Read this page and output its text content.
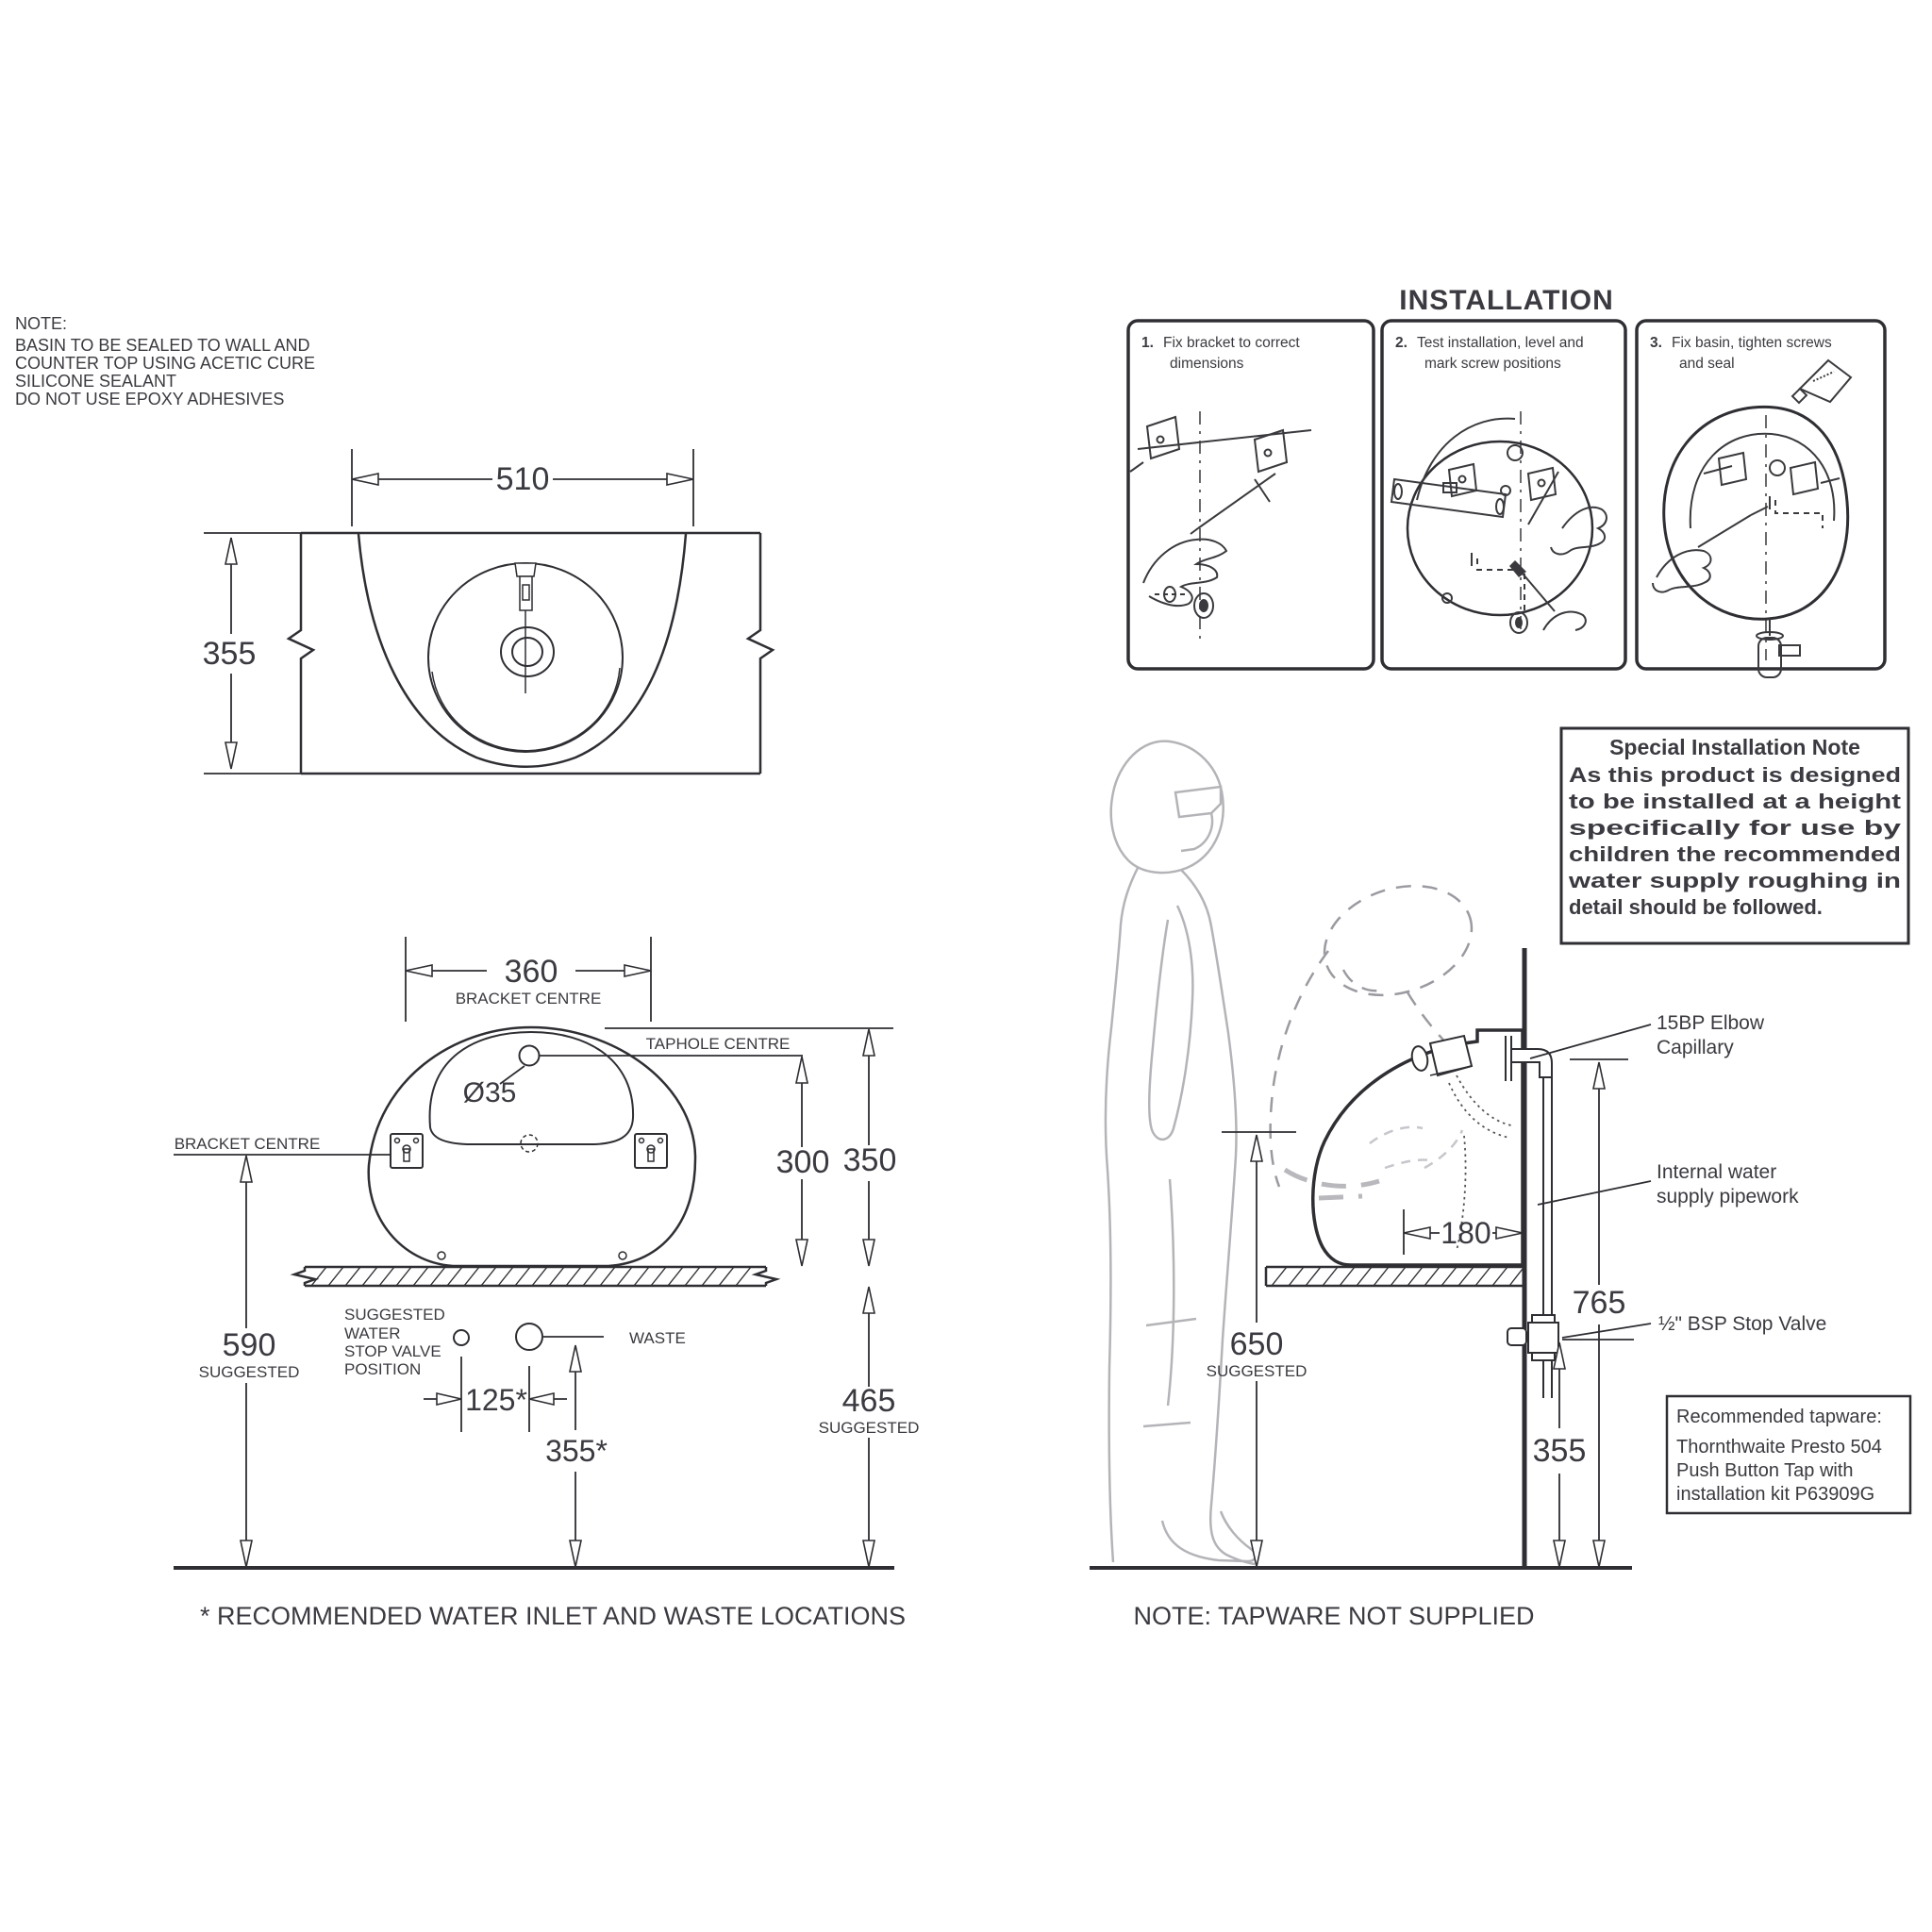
NOTE:
BASIN TO BE SEALED TO WALL AND
COUNTER TOP USING ACETIC CURE
SILICONE SEALANT
DO NOT USE EPOXY ADHESIVES
510
355
360
BRACKET CENTRE
TAPHOLE CENTRE
Ø35
BRACKET CENTRE
300 350
590
SUGGESTED
SUGGESTED
WATER
STOP VALVE
POSITION
WASTE
125*
355*
465
SUGGESTED
* RECOMMENDED WATER INLET AND WASTE LOCATIONS
INSTALLATION
1. Fix bracket to correct
dimensions
2. Test installation, level and
mark screw positions
3. Fix basin, tighten screws
and seal
Special Installation Note
As this product is designed
to be installed at a height
specifically for use by
children the recommended
water supply roughing in
detail should be followed.
180
650
SUGGESTED
765
355
15BP Elbow
Capillary
Internal water
supply pipework
½" BSP Stop Valve
Recommended tapware:
Thornthwaite Presto 504
Push Button Tap with
installation kit P63909G
NOTE: TAPWARE NOT SUPPLIED
